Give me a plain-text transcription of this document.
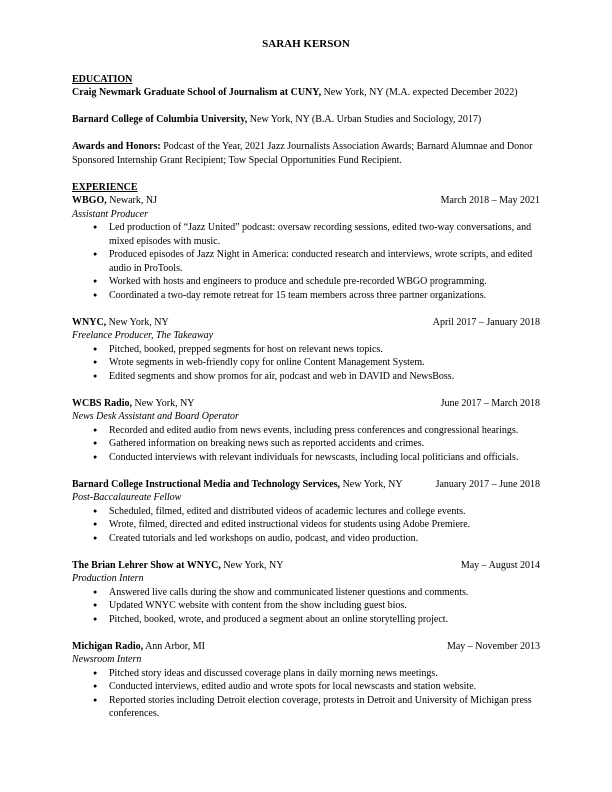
SARAH KERSON
EDUCATION
Craig Newmark Graduate School of Journalism at CUNY, New York, NY (M.A. expected December 2022)
Barnard College of Columbia University, New York, NY (B.A. Urban Studies and Sociology, 2017)
Awards and Honors: Podcast of the Year, 2021 Jazz Journalists Association Awards; Barnard Alumnae and Donor Sponsored Internship Grant Recipient; Tow Special Opportunities Fund Recipient.
EXPERIENCE
WBGO, Newark, NJ	March 2018 – May 2021
Assistant Producer
● Led production of “Jazz United” podcast: oversaw recording sessions, edited two-way conversations, and mixed episodes with music.
● Produced episodes of Jazz Night in America: conducted research and interviews, wrote scripts, and edited audio in ProTools.
● Worked with hosts and engineers to produce and schedule pre-recorded WBGO programming.
● Coordinated a two-day remote retreat for 15 team members across three partner organizations.
WNYC, New York, NY	April 2017 – January 2018
Freelance Producer, The Takeaway
● Pitched, booked, prepped segments for host on relevant news topics.
● Wrote segments in web-friendly copy for online Content Management System.
● Edited segments and show promos for air, podcast and web in DAVID and NewsBoss.
WCBS Radio, New York, NY	June 2017 – March 2018
News Desk Assistant and Board Operator
● Recorded and edited audio from news events, including press conferences and congressional hearings.
● Gathered information on breaking news such as reported accidents and crimes.
● Conducted interviews with relevant individuals for newscasts, including local politicians and officials.
Barnard College Instructional Media and Technology Services, New York, NY	January 2017 – June 2018
Post-Baccalaureate Fellow
● Scheduled, filmed, edited and distributed videos of academic lectures and college events.
● Wrote, filmed, directed and edited instructional videos for students using Adobe Premiere.
● Created tutorials and led workshops on audio, podcast, and video production.
The Brian Lehrer Show at WNYC, New York, NY	May – August 2014
Production Intern
● Answered live calls during the show and communicated listener questions and comments.
● Updated WNYC website with content from the show including guest bios.
● Pitched, booked, wrote, and produced a segment about an online storytelling project.
Michigan Radio, Ann Arbor, MI	May – November 2013
Newsroom Intern
● Pitched story ideas and discussed coverage plans in daily morning news meetings.
● Conducted interviews, edited audio and wrote spots for local newscasts and station website.
● Reported stories including Detroit election coverage, protests in Detroit and University of Michigan press conferences.
